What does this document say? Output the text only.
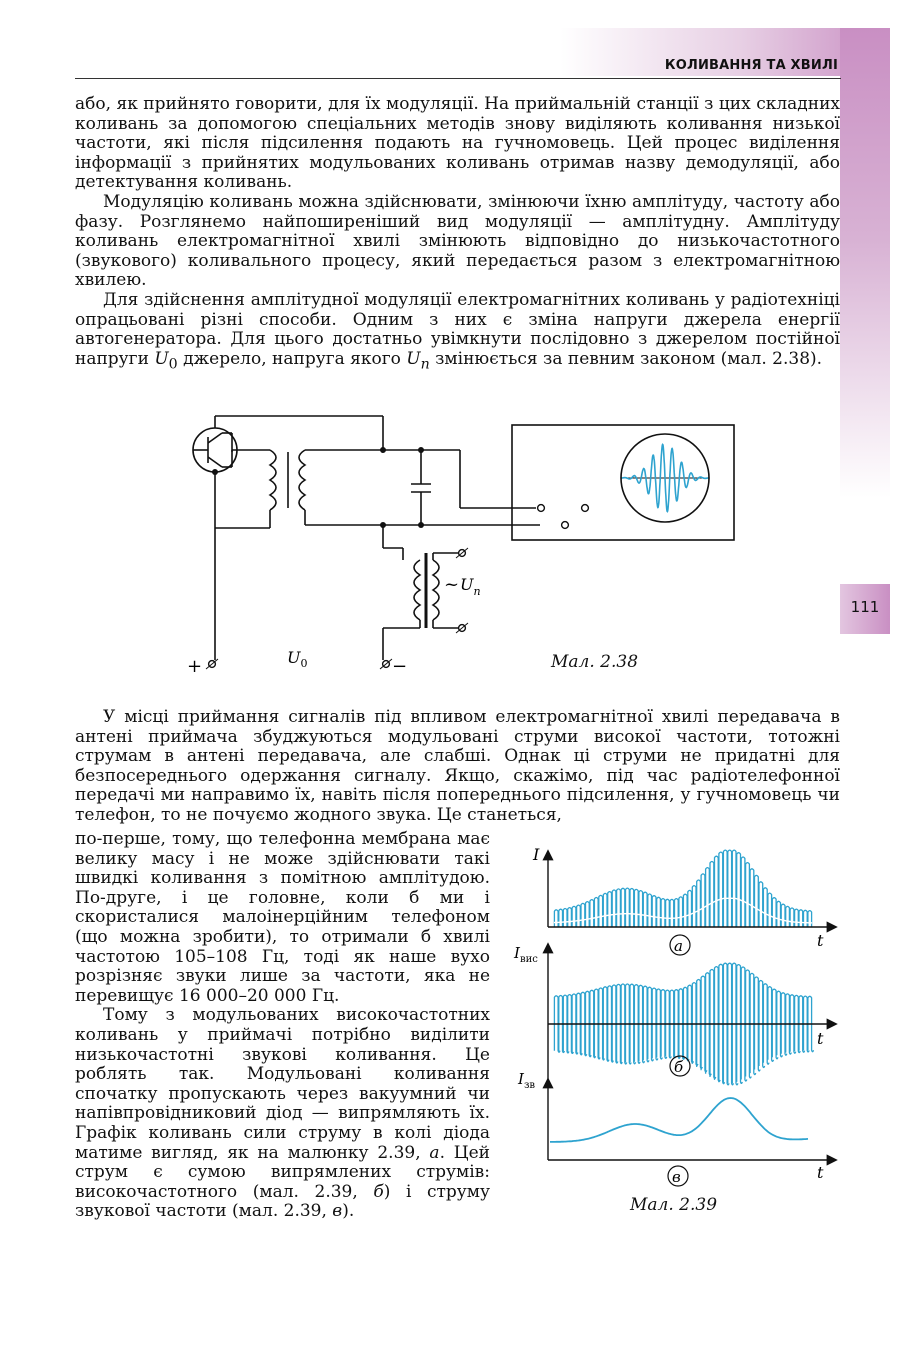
КОЛИВАННЯ ТА ХВИЛІ
111

або, як прийнято говорити, для їх модуляції. На приймальній станції з цих складних коливань за допомогою спеціальних методів знову виділяють коливання низької частоти, які після підсилення подають на гучномовець. Цей процес виділення інформації з прийнятих модульованих коливань отримав назву демодуляції, або детектування коливань.

Модуляцію коливань можна здійснювати, змінюючи їхню амплітуду, частоту або фазу. Розглянемо найпоширеніший вид модуляції — амплітудну. Амплітуду коливань електромагнітної хвилі змінюють відповідно до низькочастотного (звукового) коливального процесу, який передається разом з електромагнітною хвилею.

Для здійснення амплітудної модуляції електромагнітних коливань у радіотехніці опрацьовані різні способи. Одним з них є зміна напруги джерела енергії автогенератора. Для цього достатньо увімкнути послідовно з джерелом постійної напруги $U_0$ джерело, напруга якого $U_n$ змінюється за певним законом (мал. 2.38).

+	−
$U_0$
~ $U_n$
Мал. 2.38

У місці приймання сигналів під впливом електромагнітної хвилі передавача в антені приймача збуджуються модульовані струми високої частоти, тотожні струмам в антені передавача, але слабші. Однак ці струми не придатні для безпосереднього одержання сигналу. Якщо, скажімо, під час радіотелефонної передачі ми направимо їх, навіть після попереднього підсилення, у гучномовець чи телефон, то не почуємо жодного звука. Це станеться,

по-перше, тому, що телефонна мембрана має велику масу і не може здійснювати такі швидкі коливання з помітною амплітудою. По-друге, і це головне, коли б ми і скористалися малоінерційним телефоном (що можна зробити), то отримали б хвилі частотою 105–108 Гц, тоді як наше вухо розрізняє звуки лише за частоти, яка не перевищує 16 000–20 000 Гц.

Тому з модульованих високочастотних коливань у приймачі потрібно виділити низькочастотні звукові коливання. Це роблять так. Модульовані коливання спочатку пропускають через вакуумний чи напівпровідниковий діод — випрямляють їх. Графік коливань сили струму в колі діода матиме вигляд, як на малюнку 2.39, а. Цей струм є сумою випрямлених струмів: високочастотного (мал. 2.39, б) і струму звукової частоти (мал. 2.39, в).

I
t
а
$I_{вис}$
t
б
$I_{зв}$
t
в
Мал. 2.39
